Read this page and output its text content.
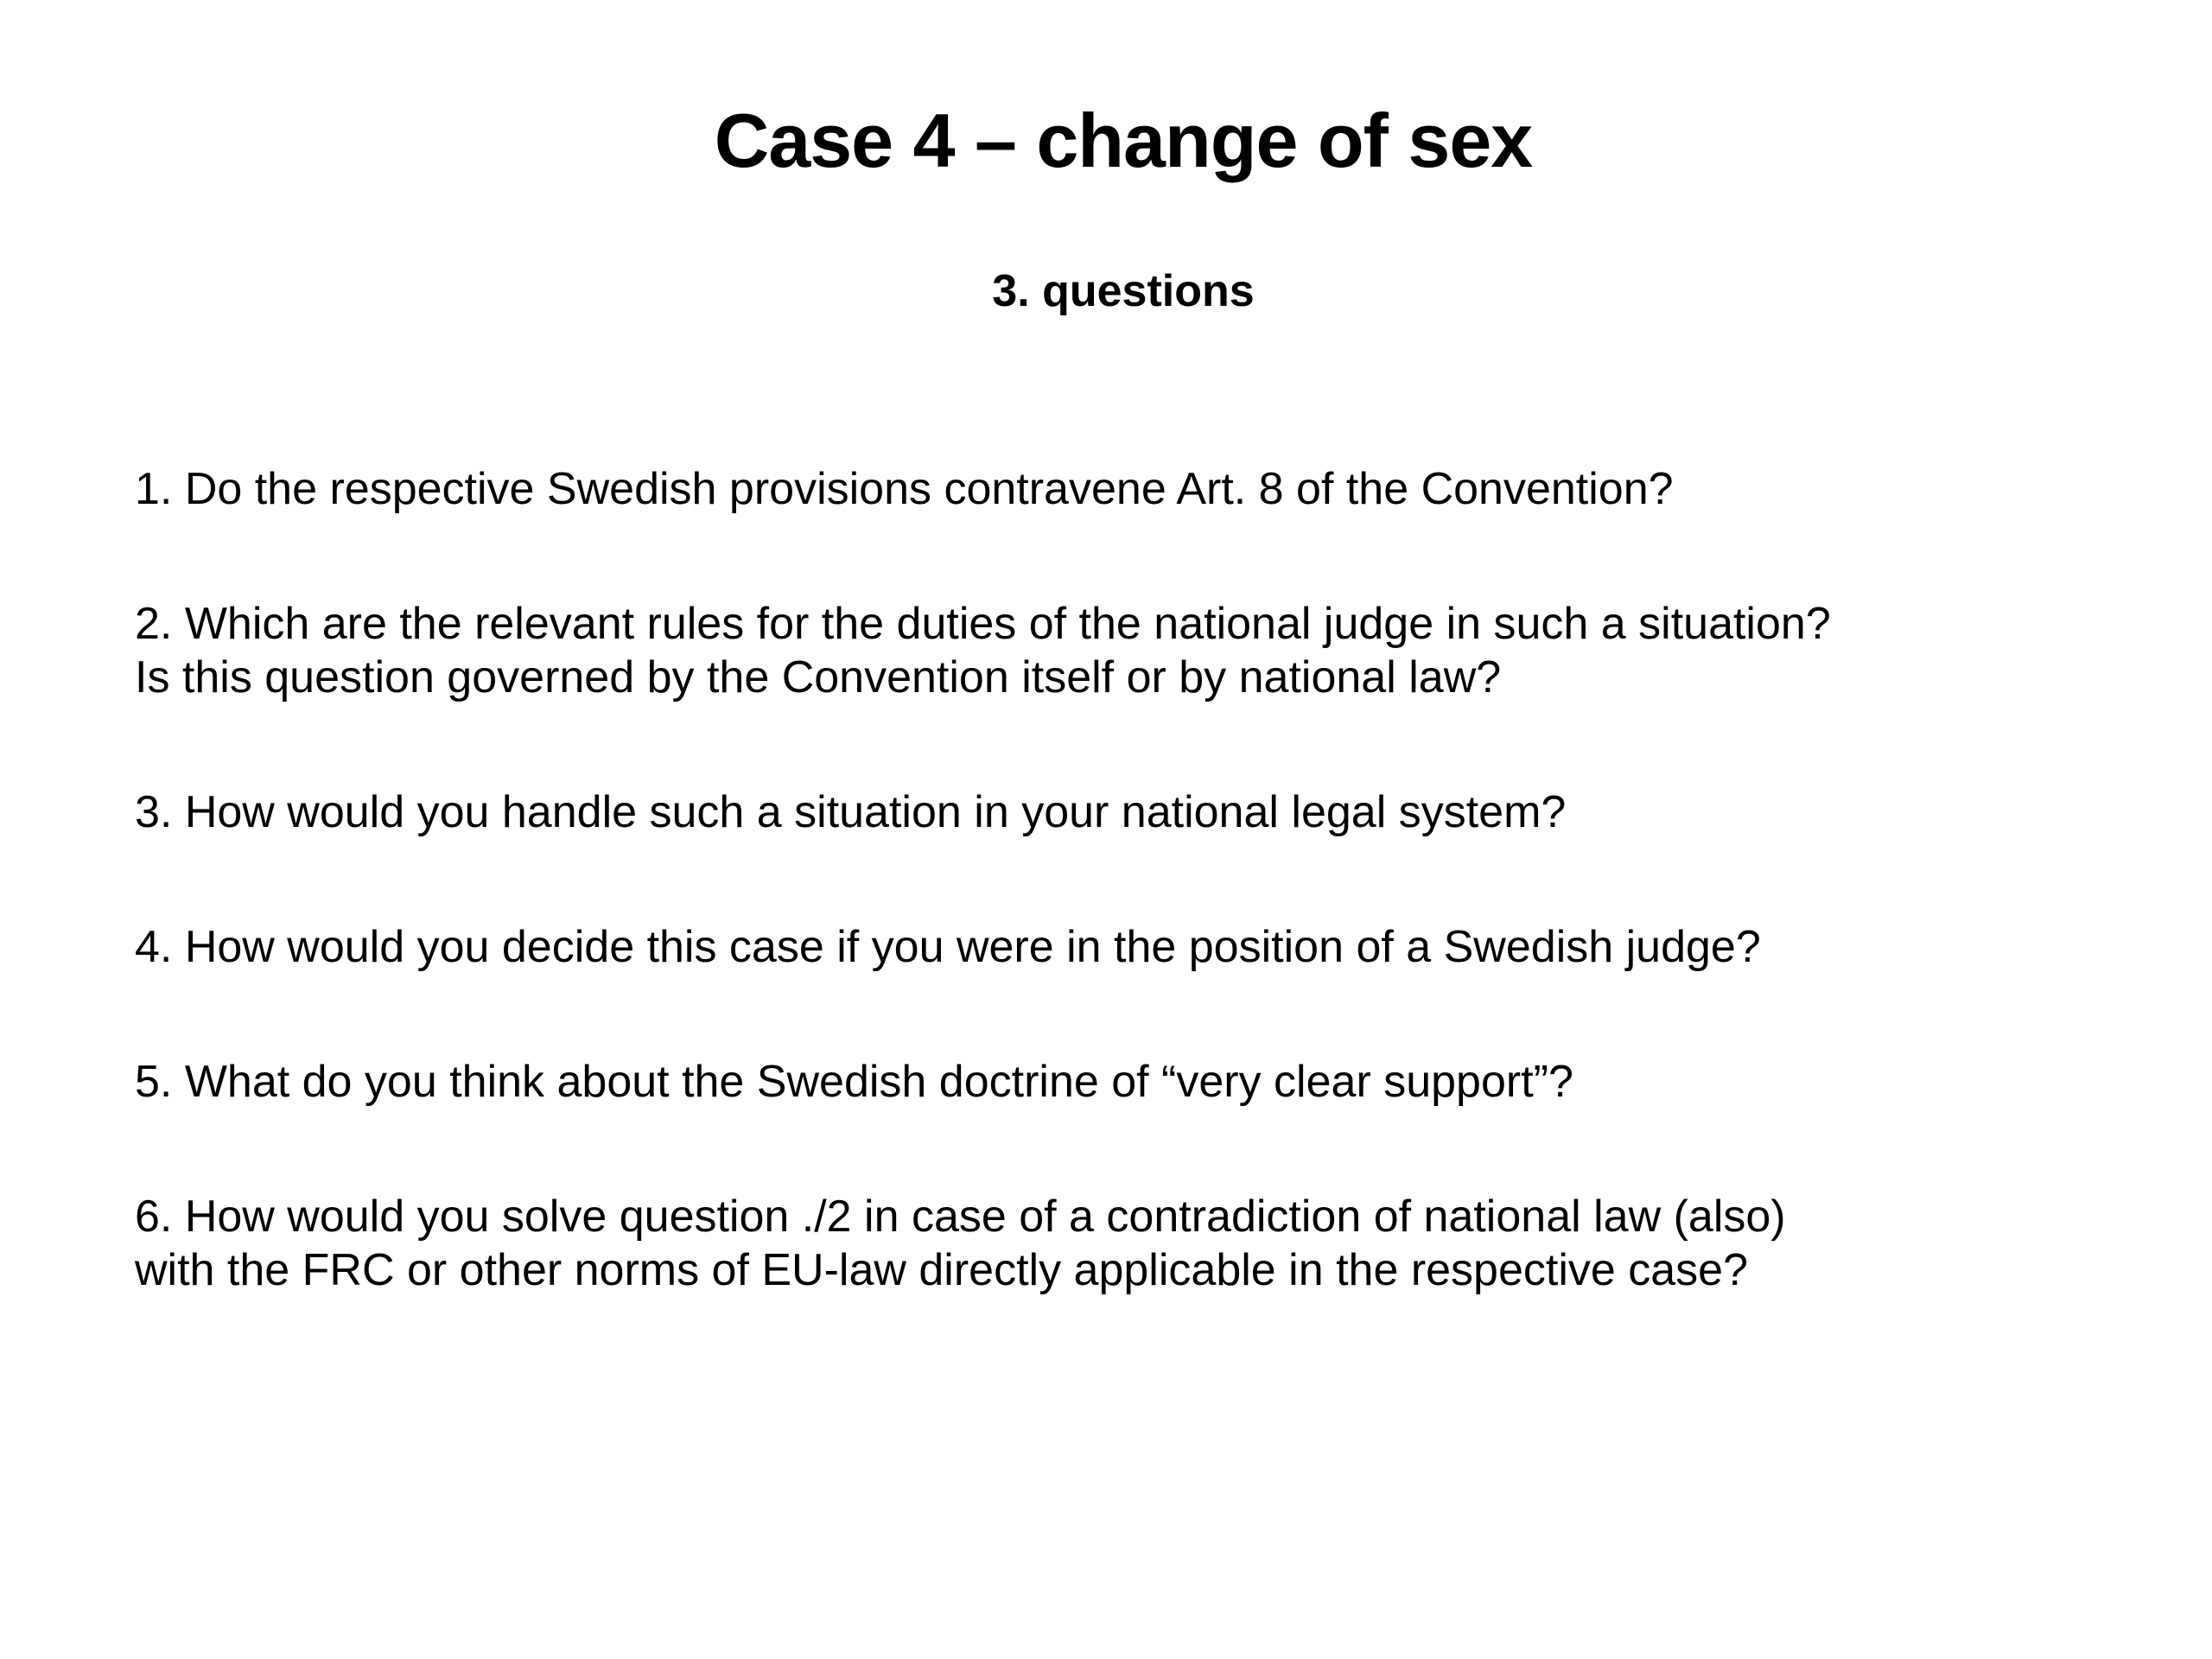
Case 4 – change of sex
3. questions
1. Do the respective Swedish provisions contravene Art. 8 of the Convention?
2. Which are the relevant rules for the duties of the national judge in such a situation?
Is this question governed by the Convention itself or by national law?
3. How would you handle such a situation in your national legal system?
4. How would you decide this case if you were in the position of a Swedish judge?
5. What do you think about the Swedish doctrine of “very clear support”?
6. How would you solve question ./2 in case of a contradiction of national law (also)
with the FRC or other norms of EU-law directly applicable in the respective case?
